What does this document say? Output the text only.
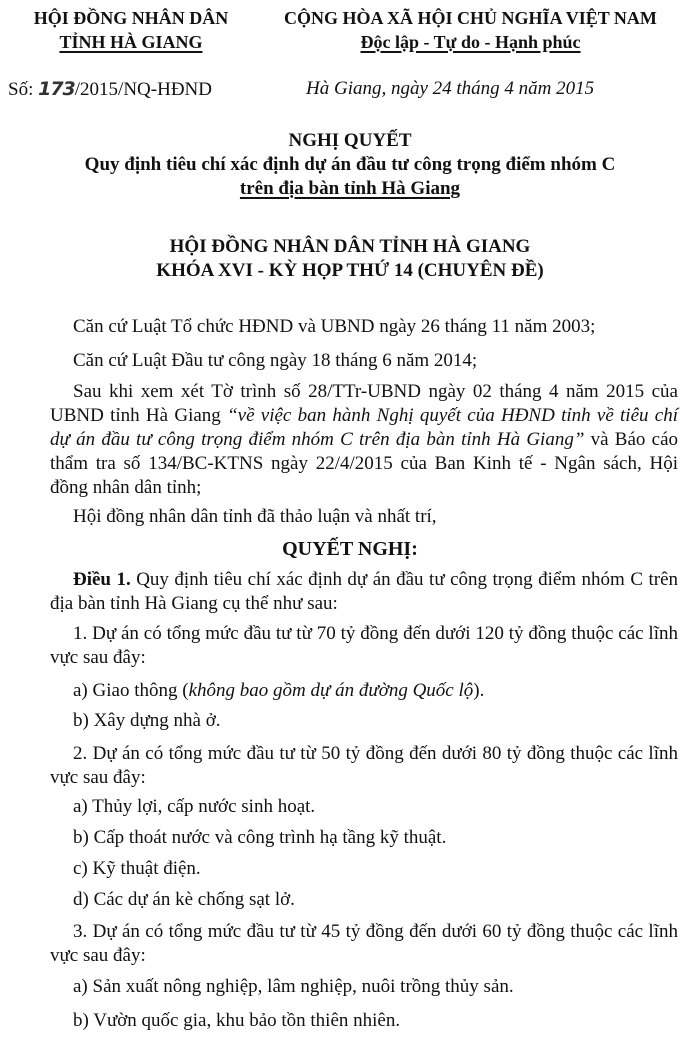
HỘI ĐỒNG NHÂN DÂN
TỈNH HÀ GIANG
CỘNG HÒA XÃ HỘI CHỦ NGHĨA VIỆT NAM
Độc lập - Tự do - Hạnh phúc
Số: 173/2015/NQ-HĐND	Hà Giang, ngày 24 tháng 4 năm 2015
NGHỊ QUYẾT
Quy định tiêu chí xác định dự án đầu tư công trọng điểm nhóm C
trên địa bàn tỉnh Hà Giang
HỘI ĐỒNG NHÂN DÂN TỈNH HÀ GIANG
KHÓA XVI - KỲ HỌP THỨ 14 (CHUYÊN ĐỀ)
Căn cứ Luật Tổ chức HĐND và UBND ngày 26 tháng 11 năm 2003;
Căn cứ Luật Đầu tư công ngày 18 tháng 6 năm 2014;
Sau khi xem xét Tờ trình số 28/TTr-UBND ngày 02 tháng 4 năm 2015 của UBND tỉnh Hà Giang “về việc ban hành Nghị quyết của HĐND tỉnh về tiêu chí dự án đầu tư công trọng điểm nhóm C trên địa bàn tỉnh Hà Giang” và Báo cáo thẩm tra số 134/BC-KTNS ngày 22/4/2015 của Ban Kinh tế - Ngân sách, Hội đồng nhân dân tỉnh;
Hội đồng nhân dân tỉnh đã thảo luận và nhất trí,
QUYẾT NGHỊ:
Điều 1. Quy định tiêu chí xác định dự án đầu tư công trọng điểm nhóm C trên địa bàn tỉnh Hà Giang cụ thể như sau:
1. Dự án có tổng mức đầu tư từ 70 tỷ đồng đến dưới 120 tỷ đồng thuộc các lĩnh vực sau đây:
a) Giao thông (không bao gồm dự án đường Quốc lộ).
b) Xây dựng nhà ở.
2. Dự án có tổng mức đầu tư từ 50 tỷ đồng đến dưới 80 tỷ đồng thuộc các lĩnh vực sau đây:
a) Thủy lợi, cấp nước sinh hoạt.
b) Cấp thoát nước và công trình hạ tầng kỹ thuật.
c) Kỹ thuật điện.
d) Các dự án kè chống sạt lở.
3. Dự án có tổng mức đầu tư từ 45 tỷ đồng đến dưới 60 tỷ đồng thuộc các lĩnh vực sau đây:
a) Sản xuất nông nghiệp, lâm nghiệp, nuôi trồng thủy sản.
b) Vườn quốc gia, khu bảo tồn thiên nhiên.
